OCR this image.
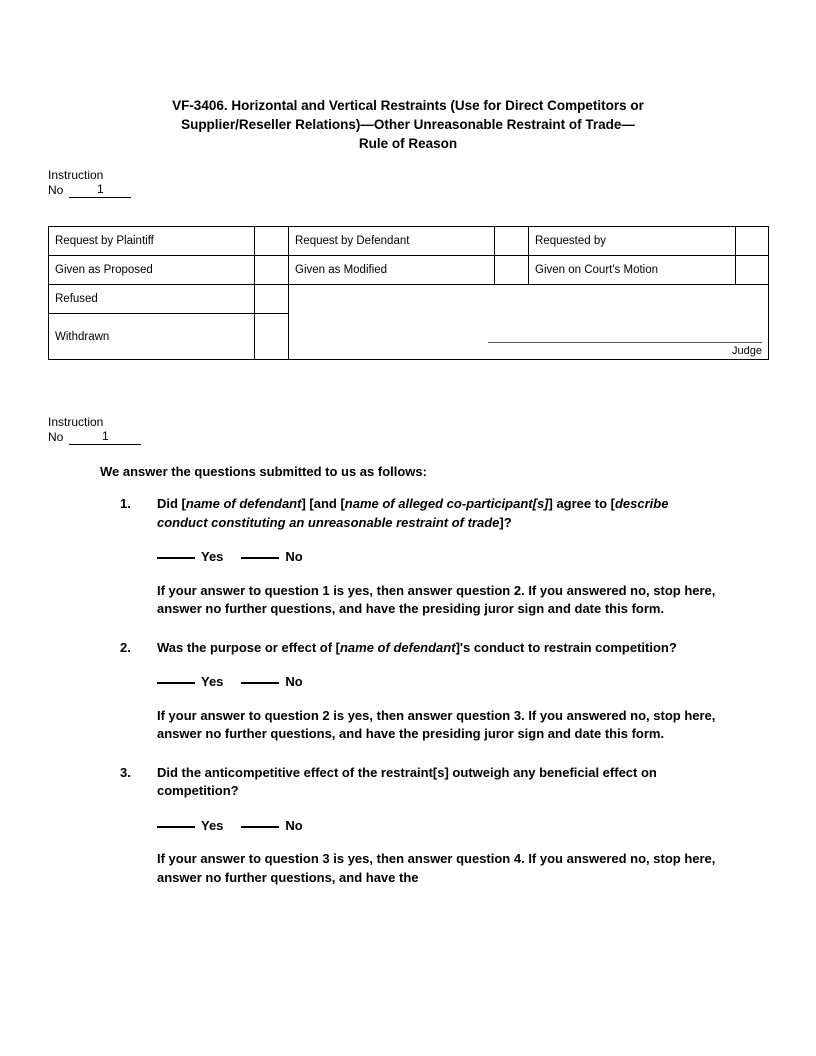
VF-3406. Horizontal and Vertical Restraints (Use for Direct Competitors or
Supplier/Reseller Relations)—Other Unreasonable Restraint of Trade—
Rule of Reason
Instruction
No	1
Request by Plaintiff		Request by Defendant		Requested by	
Given as Proposed		Given as Modified		Given on Court's Motion	
Refused		Judge			

Withdrawn					
Instruction
No	1
We answer the questions submitted to us as follows:
1.	Did [name of defendant] [and [name of alleged co-participant[s]] agree to [describe conduct constituting an unreasonable restraint of trade]?
Yes	No
If your answer to question 1 is yes, then answer question 2. If you answered no, stop here, answer no further questions, and have the presiding juror sign and date this form.
2.	Was the purpose or effect of [name of defendant]'s conduct to restrain competition?
Yes	No
If your answer to question 2 is yes, then answer question 3. If you answered no, stop here, answer no further questions, and have the presiding juror sign and date this form.
3.	Did the anticompetitive effect of the restraint[s] outweigh any beneficial effect on competition?
Yes	No
If your answer to question 3 is yes, then answer question 4. If you answered no, stop here, answer no further questions, and have the
